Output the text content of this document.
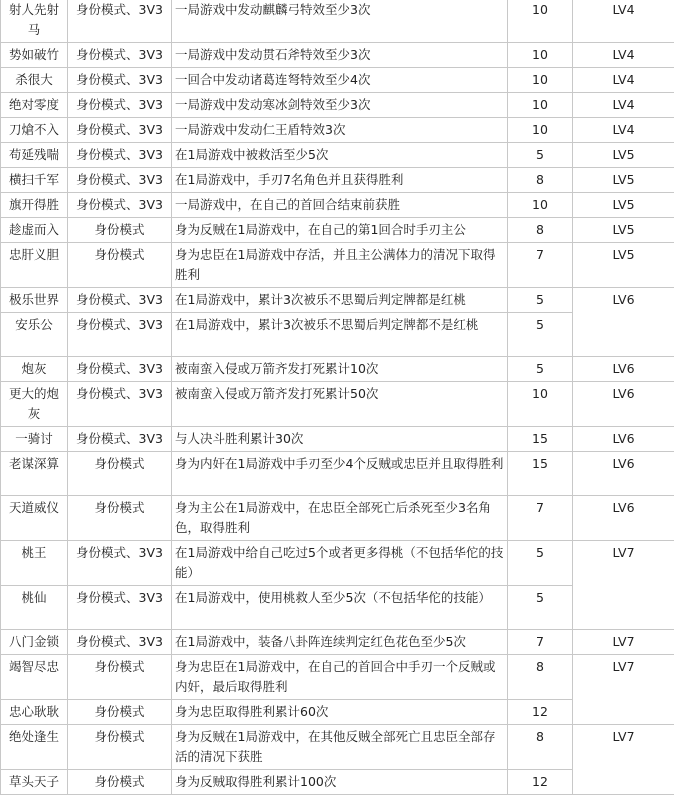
射人先射马	身份模式、3V3	一局游戏中发动麒麟弓特效至少3次	10	LV4
势如破竹	身份模式、3V3	一局游戏中发动贯石斧特效至少3次	10	LV4
杀很大	身份模式、3V3	一回合中发动诸葛连弩特效至少4次	10	LV4
绝对零度	身份模式、3V3	一局游戏中发动寒冰剑特效至少3次	10	LV4
刀熗不入	身份模式、3V3	一局游戏中发动仁王盾特效3次	10	LV4
苟延残喘	身份模式、3V3	在1局游戏中被救活至少5次	5	LV5
横扫千军	身份模式、3V3	在1局游戏中，手刃7名角色并且获得胜利	8	LV5
旗开得胜	身份模式、3V3	一局游戏中，在自己的首回合结束前获胜	10	LV5
趁虚而入	身份模式	身为反贼在1局游戏中，在自己的第1回合时手刃主公	8	LV5
忠肝义胆	身份模式	身为忠臣在1局游戏中存活，并且主公满体力的清况下取得胜利	7	LV5
极乐世界	身份模式、3V3	在1局游戏中，累计3次被乐不思蜀后判定牌都是红桃	5	LV6
安乐公	身份模式、3V3	在1局游戏中，累计3次被乐不思蜀后判定牌都不是红桃	5	
炮灰	身份模式、3V3	被南蛮入侵或万箭齐发打死累计10次	5	LV6
更大的炮灰	身份模式、3V3	被南蛮入侵或万箭齐发打死累计50次	10	LV6
一骑讨	身份模式、3V3	与人决斗胜利累计30次	15	LV6
老谋深算	身份模式	身为内奸在1局游戏中手刃至少4个反贼或忠臣并且取得胜利	15	LV6
天道威仪	身份模式	身为主公在1局游戏中，在忠臣全部死亡后杀死至少3名角色，取得胜利	7	LV6
桃王	身份模式、3V3	在1局游戏中给自己吃过5个或者更多得桃（不包括华佗的技能）	5	LV7
桃仙	身份模式、3V3	在1局游戏中，使用桃救人至少5次（不包括华佗的技能）	5	
八门金锁	身份模式、3V3	在1局游戏中，装备八卦阵连续判定红色花色至少5次	7	LV7
竭智尽忠	身份模式	身为忠臣在1局游戏中，在自己的首回合中手刃一个反贼或内奸，最后取得胜利	8	LV7
忠心耿耿	身份模式	身为忠臣取得胜利累计60次	12	
绝处逢生	身份模式	身为反贼在1局游戏中，在其他反贼全部死亡且忠臣全部存活的清况下获胜	8	LV7
草头天子	身份模式	身为反贼取得胜利累计100次	12	
